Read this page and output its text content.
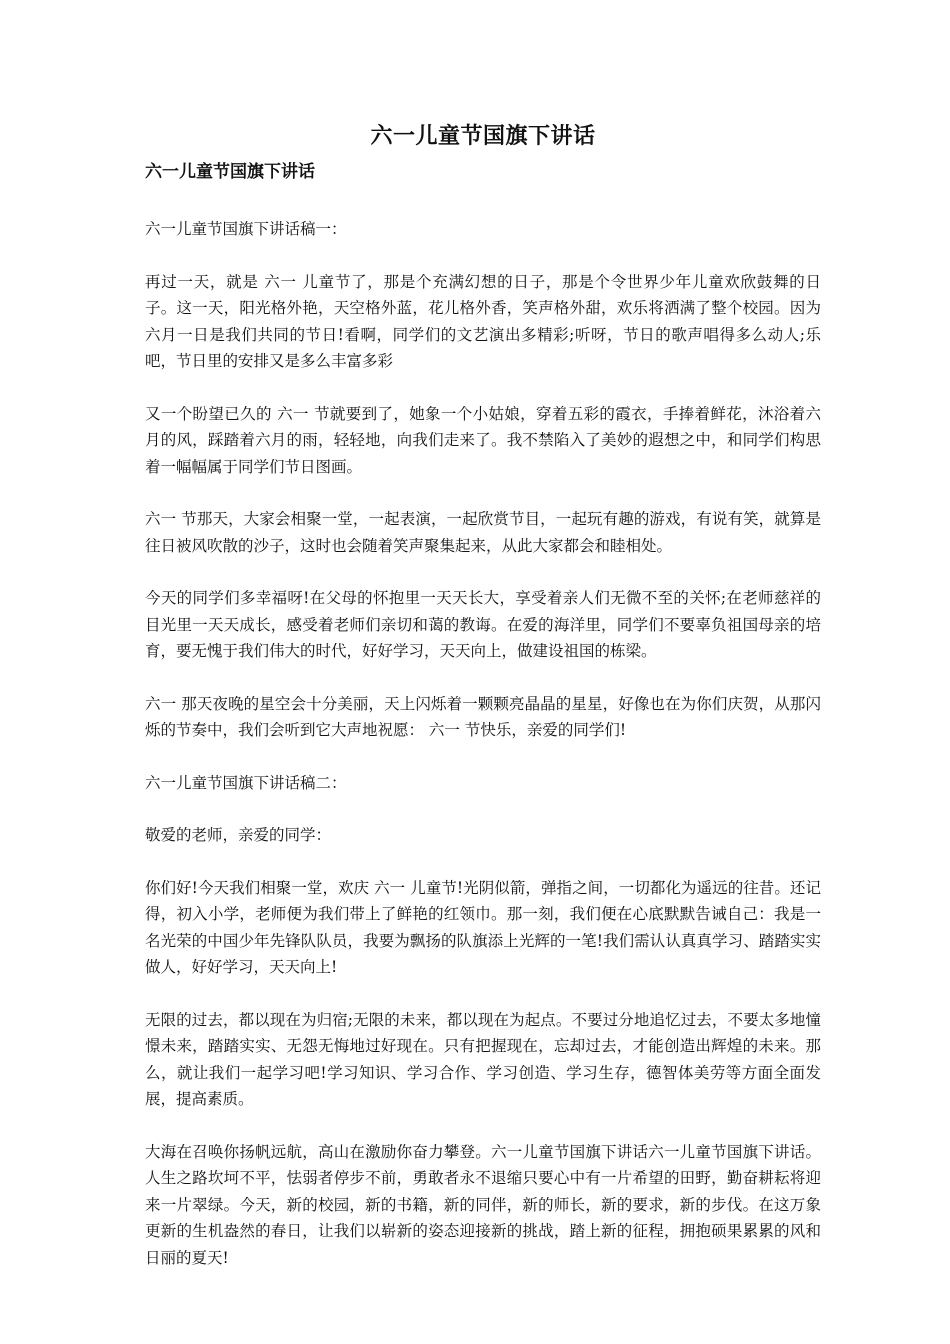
六一儿童节国旗下讲话
六一儿童节国旗下讲话

六一儿童节国旗下讲话稿一：

再过一天，就是 六一 儿童节了，那是个充满幻想的日子，那是个令世界少年儿童欢欣鼓舞的日子。这一天，阳光格外艳，天空格外蓝，花儿格外香，笑声格外甜，欢乐将洒满了整个校园。因为六月一日是我们共同的节日!看啊，同学们的文艺演出多精彩;听呀，节日的歌声唱得多么动人;乐吧，节日里的安排又是多么丰富多彩

又一个盼望已久的 六一 节就要到了，她象一个小姑娘，穿着五彩的霞衣，手捧着鲜花，沐浴着六月的风，踩踏着六月的雨，轻轻地，向我们走来了。我不禁陷入了美妙的遐想之中，和同学们构思着一幅幅属于同学们节日图画。

六一 节那天，大家会相聚一堂，一起表演，一起欣赏节目，一起玩有趣的游戏，有说有笑，就算是往日被风吹散的沙子，这时也会随着笑声聚集起来，从此大家都会和睦相处。

今天的同学们多幸福呀!在父母的怀抱里一天天长大，享受着亲人们无微不至的关怀;在老师慈祥的目光里一天天成长，感受着老师们亲切和蔼的教诲。在爱的海洋里，同学们不要辜负祖国母亲的培育，要无愧于我们伟大的时代，好好学习，天天向上，做建设祖国的栋梁。

六一 那天夜晚的星空会十分美丽，天上闪烁着一颗颗亮晶晶的星星，好像也在为你们庆贺，从那闪烁的节奏中，我们会听到它大声地祝愿： 六一 节快乐，亲爱的同学们!

六一儿童节国旗下讲话稿二：

敬爱的老师，亲爱的同学：

你们好!今天我们相聚一堂，欢庆 六一 儿童节!光阴似箭，弹指之间，一切都化为遥远的往昔。还记得，初入小学，老师便为我们带上了鲜艳的红领巾。那一刻，我们便在心底默默告诫自己：我是一名光荣的中国少年先锋队队员，我要为飘扬的队旗添上光辉的一笔!我们需认认真真学习、踏踏实实做人，好好学习，天天向上!

无限的过去，都以现在为归宿;无限的未来，都以现在为起点。不要过分地追忆过去，不要太多地憧憬未来，踏踏实实、无怨无悔地过好现在。只有把握现在，忘却过去，才能创造出辉煌的未来。那么，就让我们一起学习吧!学习知识、学习合作、学习创造、学习生存，德智体美劳等方面全面发展，提高素质。

大海在召唤你扬帆远航，高山在激励你奋力攀登。六一儿童节国旗下讲话六一儿童节国旗下讲话。人生之路坎坷不平，怯弱者停步不前，勇敢者永不退缩只要心中有一片希望的田野，勤奋耕耘将迎来一片翠绿。今天，新的校园，新的书籍，新的同伴，新的师长，新的要求，新的步伐。在这万象更新的生机盎然的春日，让我们以崭新的姿态迎接新的挑战，踏上新的征程，拥抱硕果累累的风和日丽的夏天!
